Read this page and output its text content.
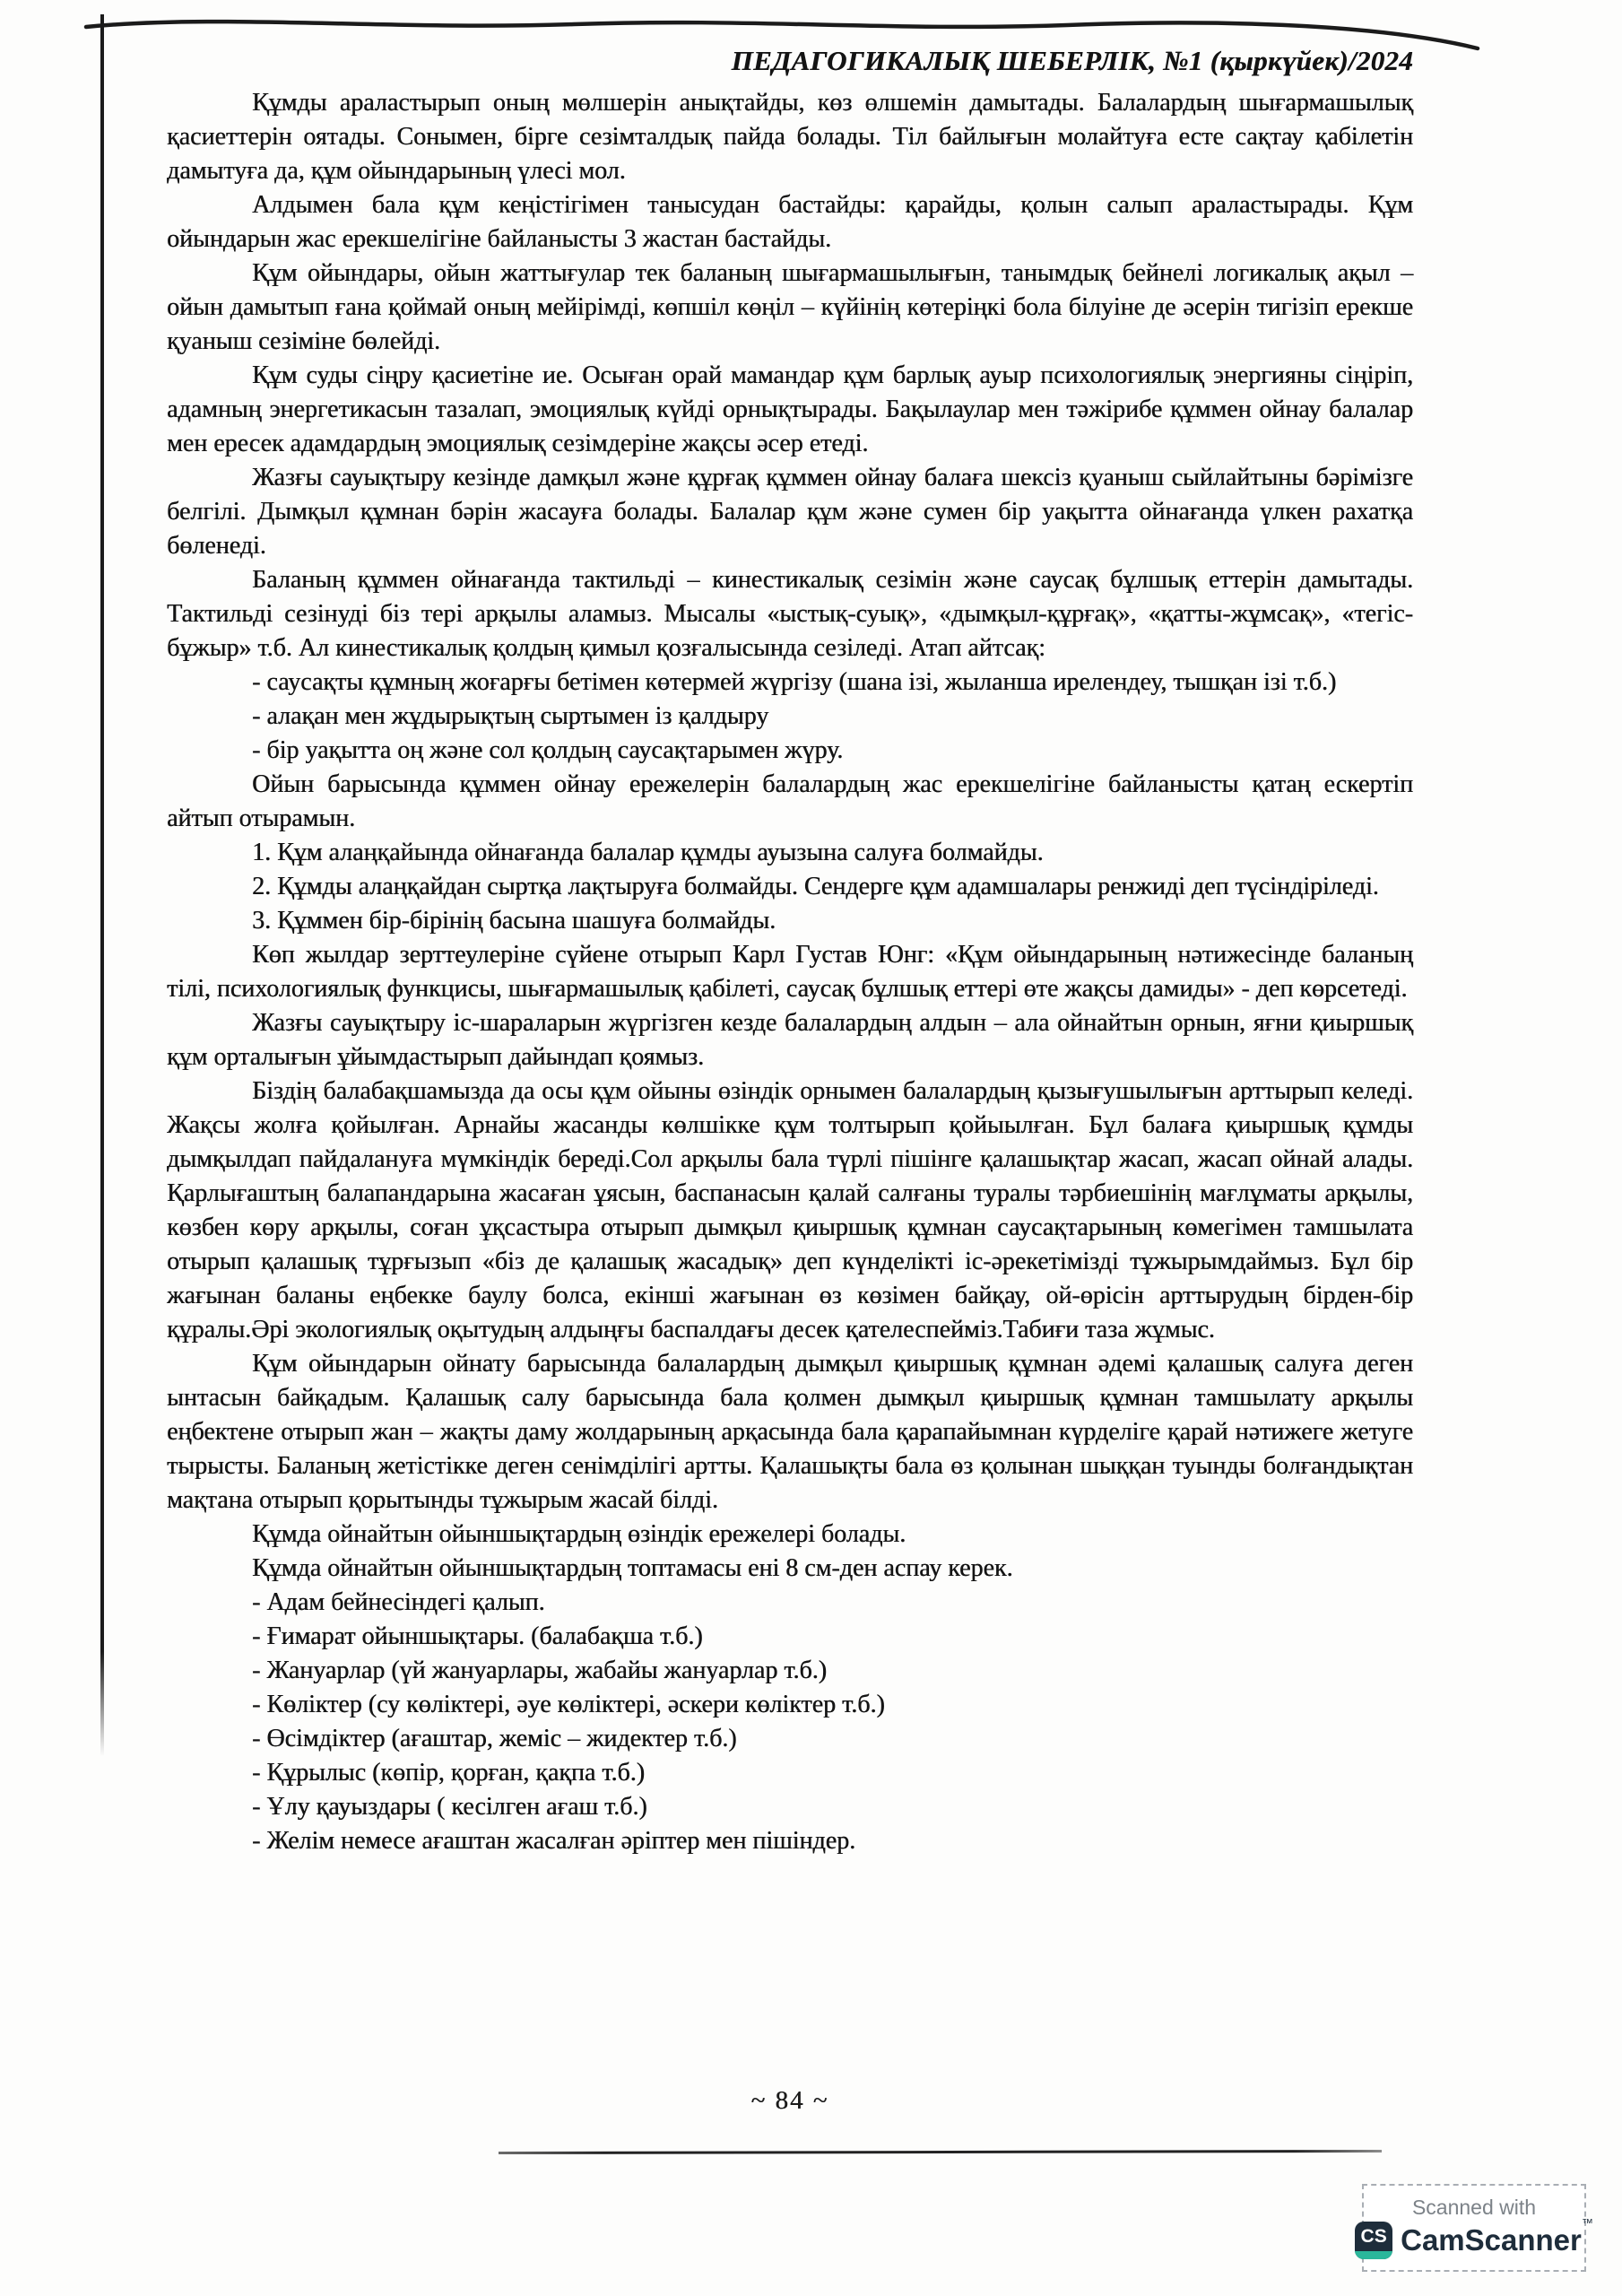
ПЕДАГОГИКАЛЫҚ ШЕБЕРЛІК, №1 (қыркүйек)/2024

Құмды араластырып оның мөлшерін анықтайды, көз өлшемін дамытады. Балалардың шығармашылық қасиеттерін оятады. Сонымен, бірге сезімталдық пайда болады. Тіл байлығын молайтуға есте сақтау қабілетін дамытуға да, құм ойындарының үлесі мол.

Алдымен бала құм кеңістігімен танысудан бастайды: қарайды, қолын салып араластырады. Құм ойындарын жас ерекшелігіне байланысты 3 жастан бастайды.

Құм ойындары, ойын жаттығулар тек баланың шығармашылығын, танымдық бейнелі логикалық ақыл – ойын дамытып ғана қоймай оның мейірімді, көпшіл көңіл – күйінің көтеріңкі бола білуіне де әсерін тигізіп ерекше қуаныш сезіміне бөлейді.

Құм суды сіңру қасиетіне ие. Осыған орай мамандар құм барлық ауыр психологиялық энергияны сіңіріп, адамның энергетикасын тазалап, эмоциялық күйді орнықтырады. Бақылаулар мен тәжірибе құммен ойнау балалар мен ересек адамдардың эмоциялық сезімдеріне жақсы әсер етеді.

Жазғы сауықтыру кезінде дамқыл және құрғақ құммен ойнау балаға шексіз қуаныш сыйлайтыны бәрімізге белгілі. Дымқыл құмнан бәрін жасауға болады. Балалар құм және сумен бір уақытта ойнағанда үлкен рахатқа бөленеді.

Баланың құммен ойнағанда тактильді – кинестикалық сезімін және саусақ бұлшық еттерін дамытады. Тактильді сезінуді біз тері арқылы аламыз. Мысалы «ыстық-суық», «дымқыл-құрғақ», «қатты-жұмсақ», «тегіс-бұжыр» т.б. Ал кинестикалық қолдың қимыл қозғалысында сезіледі. Атап айтсақ:

- саусақты құмның жоғарғы бетімен көтермей жүргізу (шана ізі, жыланша ирелендеу, тышқан ізі т.б.)

- алақан мен жұдырықтың сыртымен із қалдыру

- бір уақытта оң және сол қолдың саусақтарымен жүру.

Ойын барысында құммен ойнау ережелерін балалардың жас ерекшелігіне байланысты қатаң ескертіп айтып отырамын.

1. Құм алаңқайында ойнағанда балалар құмды ауызына салуға болмайды.

2. Құмды алаңқайдан сыртқа лақтыруға болмайды. Сендерге құм адамшалары ренжиді деп түсіндіріледі.

3. Құммен бір-бірінің басына шашуға болмайды.

Көп жылдар зерттеулеріне сүйене отырып Карл Густав Юнг: «Құм ойындарының нәтижесінде баланың тілі, психологиялық функцисы, шығармашылық қабілеті, саусақ бұлшық еттері өте жақсы дамиды» - деп көрсетеді.

Жазғы сауықтыру іс-шараларын жүргізген кезде балалардың алдын – ала ойнайтын орнын, яғни қиыршық құм орталығын ұйымдастырып дайындап қоямыз.

Біздің балабақшамызда да осы құм ойыны өзіндік орнымен балалардың қызығушылығын арттырып келеді. Жақсы жолға қойылған. Арнайы жасанды көлшікке құм толтырып қойыылған. Бұл балаға қиыршық құмды дымқылдап пайдалануға мүмкіндік береді.Сол арқылы бала түрлі пішінге қалашықтар жасап, жасап ойнай алады. Қарлығаштың балапандарына жасаған ұясын, баспанасын қалай салғаны туралы тәрбиешінің мағлұматы арқылы, көзбен көру арқылы, соған ұқсастыра отырып дымқыл қиыршық құмнан саусақтарының көмегімен тамшылата отырып қалашық тұрғызып «біз де қалашық жасадық» деп күнделікті іс-әрекетімізді тұжырымдаймыз. Бұл бір жағынан баланы еңбекке баулу болса, екінші жағынан өз көзімен байқау, ой-өрісін арттырудың бірден-бір құралы.Әрі экологиялық оқытудың алдыңғы баспалдағы десек қателеспейміз.Табиғи таза жұмыс.

Құм ойындарын ойнату барысында балалардың дымқыл қиыршық құмнан әдемі қалашық салуға деген ынтасын байқадым. Қалашық салу барысында бала қолмен дымқыл қиыршық құмнан тамшылату арқылы еңбектене отырып жан – жақты даму жолдарының арқасында бала қарапайымнан күрделіге қарай нәтижеге жетуге тырысты. Баланың жетістікке деген сенімділігі артты. Қалашықты бала өз қолынан шыққан туынды болғандықтан мақтана отырып қорытынды тұжырым жасай білді.

Құмда ойнайтын ойыншықтардың өзіндік ережелері болады.

Құмда ойнайтын ойыншықтардың топтамасы ені 8 см-ден аспау керек.

- Адам бейнесіндегі қалып.

- Ғимарат ойыншықтары. (балабақша т.б.)

- Жануарлар (үй жануарлары, жабайы жануарлар т.б.)

- Көліктер (су көліктері, әуе көліктері, әскери көліктер т.б.)

- Өсімдіктер (ағаштар, жеміс – жидектер т.б.)

- Құрылыс (көпір, қорған, қақпа т.б.)

- Ұлу қауыздары ( кесілген ағаш т.б.)

- Желім немесе ағаштан жасалған әріптер мен пішіндер.

~ 84 ~
Scanned with
CS CamScanner™
